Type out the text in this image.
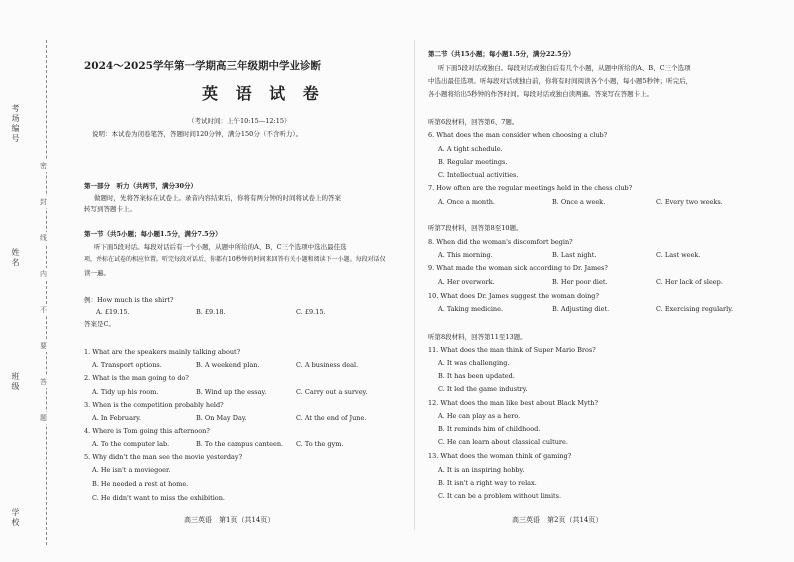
考场编号
姓名
班级
学校
密
封
线
内
不
要
答
题
2024～2025学年第一学期高三年级期中学业诊断
英 语 试 卷
（考试时间：上午10:15—12:15）
说明：本试卷为闭卷笔答，答题时间120分钟，满分150分（不含听力）。
第一部分　听力（共两节，满分30分）
做题时，先将答案标在试卷上。录音内容结束后，你将有两分钟的时间将试卷上的答案
转写到答题卡上。
第一节（共5小题；每小题1.5分，满分7.5分）
听下面5段对话。每段对话后有一个小题，从题中所给的A、B、C三个选项中选出最佳选
项，并标在试卷的相应位置。听完每段对话后，你都有10秒钟的时间来回答有关小题和阅读下一小题。每段对话仅
读一遍。
例：How much is the shirt?
A. £19.15.	B. £9.18.	C. £9.15.
答案是C。
1. What are the speakers mainly talking about?
A. Transport options.	B. A weekend plan.	C. A business deal.
2. What is the man going to do?
A. Tidy up his room.	B. Wind up the essay.	C. Carry out a survey.
3. When is the competition probably held?
A. In February.	B. On May Day.	C. At the end of June.
4. Where is Tom going this afternoon?
A. To the computer lab.	B. To the campus canteen. C. To the gym.
5. Why didn't the man see the movie yesterday?
A. He isn't a moviegoer.
B. He needed a rest at home.
C. He didn't want to miss the exhibition.
高三英语　第1页（共14页）
第二节（共15小题；每小题1.5分，满分22.5分）
听下面5段对话或独白。每段对话或独白后有几个小题，从题中所给的A、B、C三个选项
中选出最佳选项。听每段对话或独白前，你将有时间阅读各个小题，每小题5秒钟；听完后，
各小题将给出5秒钟的作答时间。每段对话或独白读两遍。答案写在答题卡上。
听第6段材料，回答第6、7题。
6. What does the man consider when choosing a club?
A. A tight schedule.
B. Regular meetings.
C. Intellectual activities.
7. How often are the regular meetings held in the chess club?
A. Once a month.	B. Once a week.	C. Every two weeks.
听第7段材料，回答第8至10题。
8. When did the woman's discomfort begin?
A. This morning.	B. Last night.	C. Last week.
9. What made the woman sick according to Dr. James?
A. Her overwork.	B. Her poor diet.	C. Her lack of sleep.
10. What does Dr. James suggest the woman doing?
A. Taking medicine.	B. Adjusting diet.	C. Exercising regularly.
听第8段材料，回答第11至13题。
11. What does the man think of Super Mario Bros?
A. It was challenging.
B. It has been updated.
C. It led the game industry.
12. What does the man like best about Black Myth?
A. He can play as a hero.
B. It reminds him of childhood.
C. He can learn about classical culture.
13. What does the woman think of gaming?
A. It is an inspiring hobby.
B. It isn't a right way to relax.
C. It can be a problem without limits.
高三英语　第2页（共14页）
